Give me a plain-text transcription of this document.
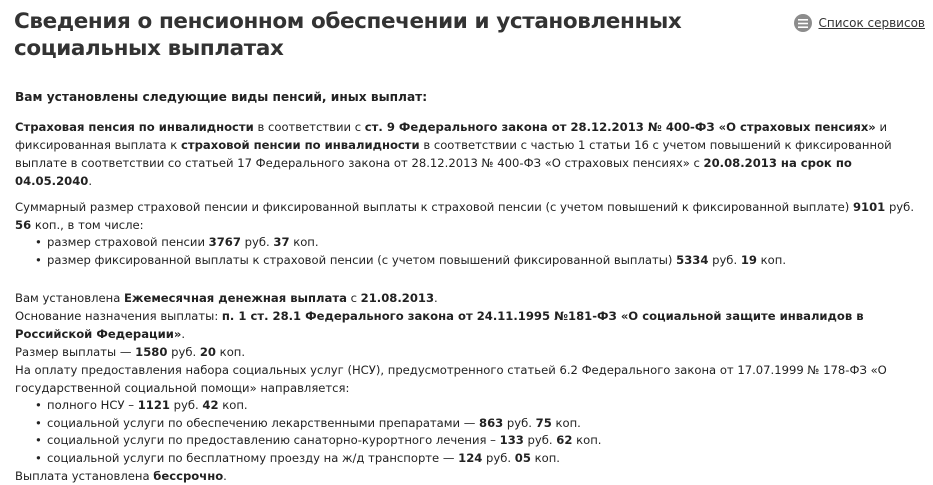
Сведения о пенсионном обеспечении и установленных социальных выплатах
Список сервисов

Вам установлены следующие виды пенсий, иных выплат:

Страховая пенсия по инвалидности в соответствии с ст. 9 Федерального закона от 28.12.2013 № 400-ФЗ «О страховых пенсиях» и фиксированная выплата к страховой пенсии по инвалидности в соответствии с частью 1 статьи 16 с учетом повышений к фиксированной выплате в соответствии со статьей 17 Федерального закона от 28.12.2013 № 400-ФЗ «О страховых пенсиях» с 20.08.2013 на срок по 04.05.2040.

Суммарный размер страховой пенсии и фиксированной выплаты к страховой пенсии (с учетом повышений к фиксированной выплате) 9101 руб. 56 коп., в том числе:

• размер страховой пенсии 3767 руб. 37 коп.
• размер фиксированной выплаты к страховой пенсии (с учетом повышений фиксированной выплаты) 5334 руб. 19 коп.

Вам установлена Ежемесячная денежная выплата с 21.08.2013.

Основание назначения выплаты: п. 1 ст. 28.1 Федерального закона от 24.11.1995 №181-ФЗ «О социальной защите инвалидов в Российской Федерации».

Размер выплаты — 1580 руб. 20 коп.

На оплату предоставления набора социальных услуг (НСУ), предусмотренного статьей 6.2 Федерального закона от 17.07.1999 № 178-ФЗ «О государственной социальной помощи» направляется:

• полного НСУ – 1121 руб. 42 коп.
• социальной услуги по обеспечению лекарственными препаратами — 863 руб. 75 коп.
• социальной услуги по предоставлению санаторно-курортного лечения – 133 руб. 62 коп.
• социальной услуги по бесплатному проезду на ж/д транспорте — 124 руб. 05 коп.

Выплата установлена бессрочно.
